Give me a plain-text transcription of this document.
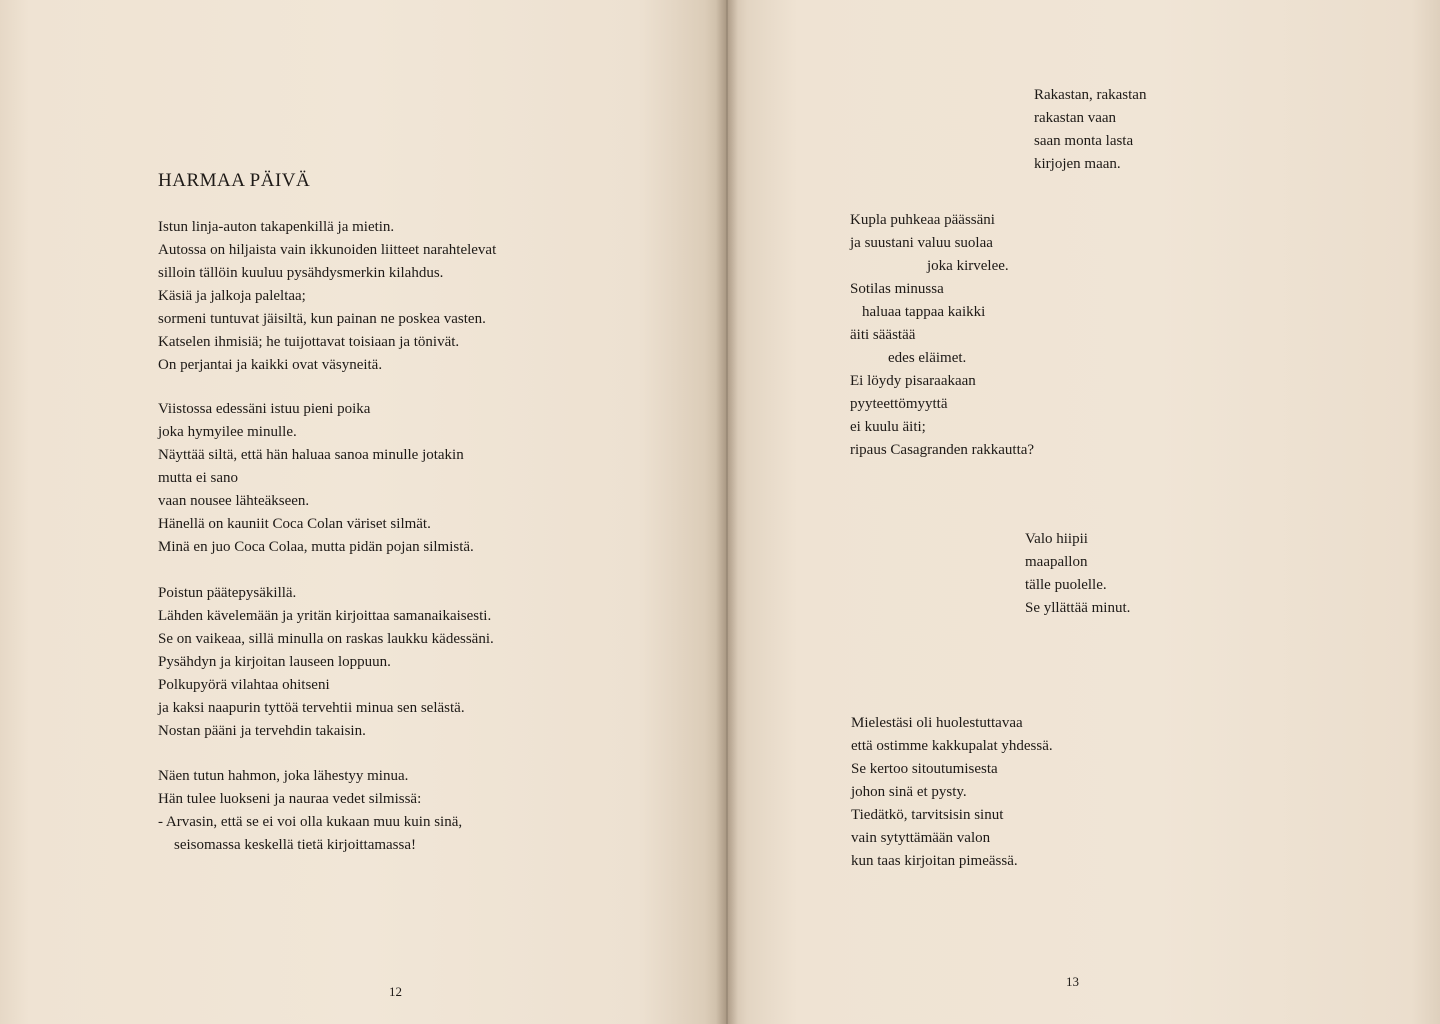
HARMAA PÄIVÄ
Istun linja-auton takapenkillä ja mietin.
Autossa on hiljaista vain ikkunoiden liitteet narahtelevat
silloin tällöin kuuluu pysähdysmerkin kilahdus.
Käsiä ja jalkoja paleltaa;
sormeni tuntuvat jäisiltä, kun painan ne poskea vasten.
Katselen ihmisiä; he tuijottavat toisiaan ja tönivät.
On perjantai ja kaikki ovat väsyneitä.
Viistossa edessäni istuu pieni poika
joka hymyilee minulle.
Näyttää siltä, että hän haluaa sanoa minulle jotakin
mutta ei sano
vaan nousee lähteäkseen.
Hänellä on kauniit Coca Colan väriset silmät.
Minä en juo Coca Colaa, mutta pidän pojan silmistä.
Poistun päätepysäkillä.
Lähden kävelemään ja yritän kirjoittaa samanaikaisesti.
Se on vaikeaa, sillä minulla on raskas laukku kädessäni.
Pysähdyn ja kirjoitan lauseen loppuun.
Polkupyörä vilahtaa ohitseni
ja kaksi naapurin tyttöä tervehtii minua sen selästä.
Nostan pääni ja tervehdin takaisin.
Näen tutun hahmon, joka lähestyy minua.
Hän tulee luokseni ja nauraa vedet silmissä:
- Arvasin, että se ei voi olla kukaan muu kuin sinä,
seisomassa keskellä tietä kirjoittamassa!
12
Rakastan, rakastan
rakastan vaan
saan monta lasta
kirjojen maan.
Kupla puhkeaa päässäni
ja suustani valuu suolaa
joka kirvelee.
Sotilas minussa
haluaa tappaa kaikki
äiti säästää
edes eläimet.
Ei löydy pisaraakaan
pyyteettömyyttä
ei kuulu äiti;
ripaus Casagranden rakkautta?
Valo hiipii
maapallon
tälle puolelle.
Se yllättää minut.
Mielestäsi oli huolestuttavaa
että ostimme kakkupalat yhdessä.
Se kertoo sitoutumisesta
johon sinä et pysty.
Tiedätkö, tarvitsisin sinut
vain sytyttämään valon
kun taas kirjoitan pimeässä.
13
